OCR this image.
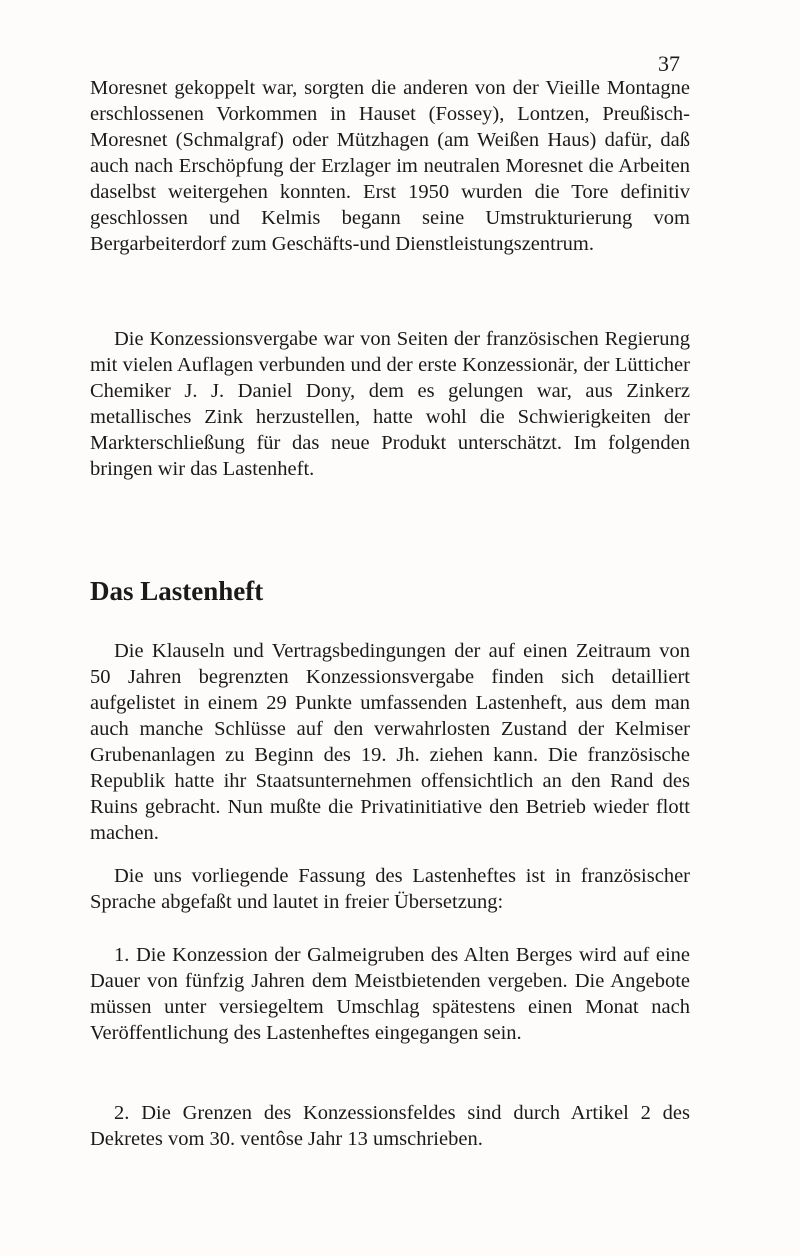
37

Moresnet gekoppelt war, sorgten die anderen von der Vieille Montagne erschlossenen Vorkommen in Hauset (Fossey), Lontzen, Preußisch-Moresnet (Schmalgraf) oder Mützhagen (am Weißen Haus) dafür, daß auch nach Erschöpfung der Erzlager im neutralen Moresnet die Arbeiten daselbst weitergehen konnten. Erst 1950 wurden die Tore definitiv geschlossen und Kelmis begann seine Umstrukturierung vom Bergarbeiterdorf zum Geschäfts-und Dienstleistungszentrum.

Die Konzessionsvergabe war von Seiten der französischen Regierung mit vielen Auflagen verbunden und der erste Konzessionär, der Lütticher Chemiker J. J. Daniel Dony, dem es gelungen war, aus Zinkerz metallisches Zink herzustellen, hatte wohl die Schwierigkeiten der Markterschließung für das neue Produkt unterschätzt. Im folgenden bringen wir das Lastenheft.

Das Lastenheft

Die Klauseln und Vertragsbedingungen der auf einen Zeitraum von 50 Jahren begrenzten Konzessionsvergabe finden sich detailliert aufgelistet in einem 29 Punkte umfassenden Lastenheft, aus dem man auch manche Schlüsse auf den verwahrlosten Zustand der Kelmiser Grubenanlagen zu Beginn des 19. Jh. ziehen kann. Die französische Republik hatte ihr Staatsunternehmen offensichtlich an den Rand des Ruins gebracht. Nun mußte die Privatinitiative den Betrieb wieder flott machen.

Die uns vorliegende Fassung des Lastenheftes ist in französischer Sprache abgefaßt und lautet in freier Übersetzung:

1. Die Konzession der Galmeigruben des Alten Berges wird auf eine Dauer von fünfzig Jahren dem Meistbietenden vergeben. Die Angebote müssen unter versiegeltem Umschlag spätestens einen Monat nach Veröffentlichung des Lastenheftes eingegangen sein.

2. Die Grenzen des Konzessionsfeldes sind durch Artikel 2 des Dekretes vom 30. ventôse Jahr 13 umschrieben.
